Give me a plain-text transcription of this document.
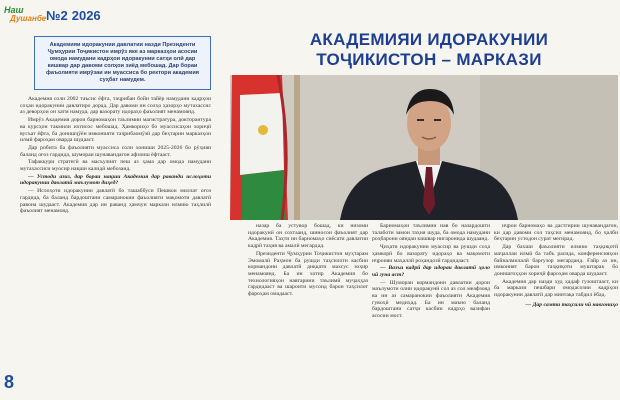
Наш
Душанбе №2 2026
АКАДЕМИЯИ ИДОРАКУНИИ
ТОҶИКИСТОН – МАРКАЗИ
Академияи идоракунии давлатии назди Президенти Ҷумҳурии Тоҷикистон имрӯз яке аз марказҳои асосии омода намудани кадрҳои идоракунии сатҳи олӣ дар кишвар дар давоми солҳои зиёд мебошад. Дар бораи фаъолияти имрӯзаи ин муассиса бо ректори академия суҳбат намудем.

Академия соли 2002 таъсис ёфта, таҷрибаи бойи тайёр намудани кадрҳои соҳаи идоракунии давлатиро дорад. Дар давоми ин солҳо ҳазорҳо мутахассис аз деворҳои он хатм намуда, дар вазорату идораҳо фаъолият менамоянд.

Имрӯз Академия дорои барномаҳои таълимии магистратура, докторантура ва курсҳои такмили ихтисос мебошад. Ҳамкориҳо бо муассисаҳои хориҷӣ вусъат ёфта, ба донишҷӯён имконияти таҷрибаомӯзӣ дар беҳтарин марказҳои илмӣ фароҳам оварда шудааст.

Дар робита ба фаъолияти муассиса соли хониши 2025-2026 бо рӯҳияи баланд оғоз гардида, шумораи шунавандагон афзоиш ёфтааст.

Тафаккури стратегӣ ва масъулият пеш аз ҳама дар омода намудани мутахассиси муосир нақши калидӣ мебозанд.

— Устоди азиз, дар бораи нақши Академия дар раванди ислоҳоти идоракунии давлатӣ маълумот диҳед?

— Ислоҳоти идоракунии давлатӣ бо ташаббуси Пешвои миллат оғоз гардида, ба баланд бардоштани самаранокии фаъолияти мақомоти давлатӣ равона шудааст. Академия дар ин раванд ҳамчун маркази илмию таҳлилӣ фаъолият менамояд.

8

назар ба устувор бошад, ки низоми идоракунӣ он сохтаанд, шиносои фаъолият дар Академия. Таҳти ин барномаҳо сиёсати давлатии кадрӣ таҳия ва амалӣ мегардад.

Президенти Ҷумҳурии Тоҷикистон муҳтарам Эмомалӣ Раҳмон ба рушди таҳсилоти касбии кормандони давлатӣ диққати махсус зоҳир менамоянд. Ба ин хотир Академия бо технологияҳои навтарини таълимӣ муҷаҳҳаз гардидааст ва шароити мусоид барои таҳсилот фароҳам омадааст.

Барномаҳои таълимии нав бо назардошти талаботи замон таҳия шуда, ба омода намудани роҳбарони ояндаи кишвар нигаронида шудаанд.

Ҷиҳати идоракунии муассир ва рушди соҳа ҳамкорӣ бо вазорату идораҳо ва мақомоти иҷроияи маҳаллӣ роҳандозӣ гардидааст.

— Вазъи кадрӣ дар идораи давлатӣ ҳоло чӣ гуна аст?

— Шумораи кормандони давлатии дорои маълумоти олии идоракунӣ сол аз сол меафзояд ва ин аз самаранокии фаъолияти Академия гувоҳӣ медиҳад. Ба ин маъно баланд бардоштани сатҳи касбии кадрҳо вазифаи асосии мост.

иҷрои барномаҳо ва дастгирии шунавандагон, ки дар давоми сол таҳсил менамоянд, бо ҷалби беҳтарин устодон сурат мегирад.

Дар бахши фаъолияти илмию таҳқиқотӣ маҷаллаи илмӣ ба табъ расида, конференсияҳои байналмилалӣ баргузор мегарданд. Ғайр аз ин, имконият барои таҳқиқоти муштарак бо донишгоҳҳои хориҷӣ фароҳам оварда шудааст.

Академия дар назди худ ҳадаф гузоштааст, ки ба маркази пешбари омодасозии кадрҳои идоракунии давлатӣ дар минтақа табдил ёбад.

— Дар самти таҳсили чӣ навгониҳо
